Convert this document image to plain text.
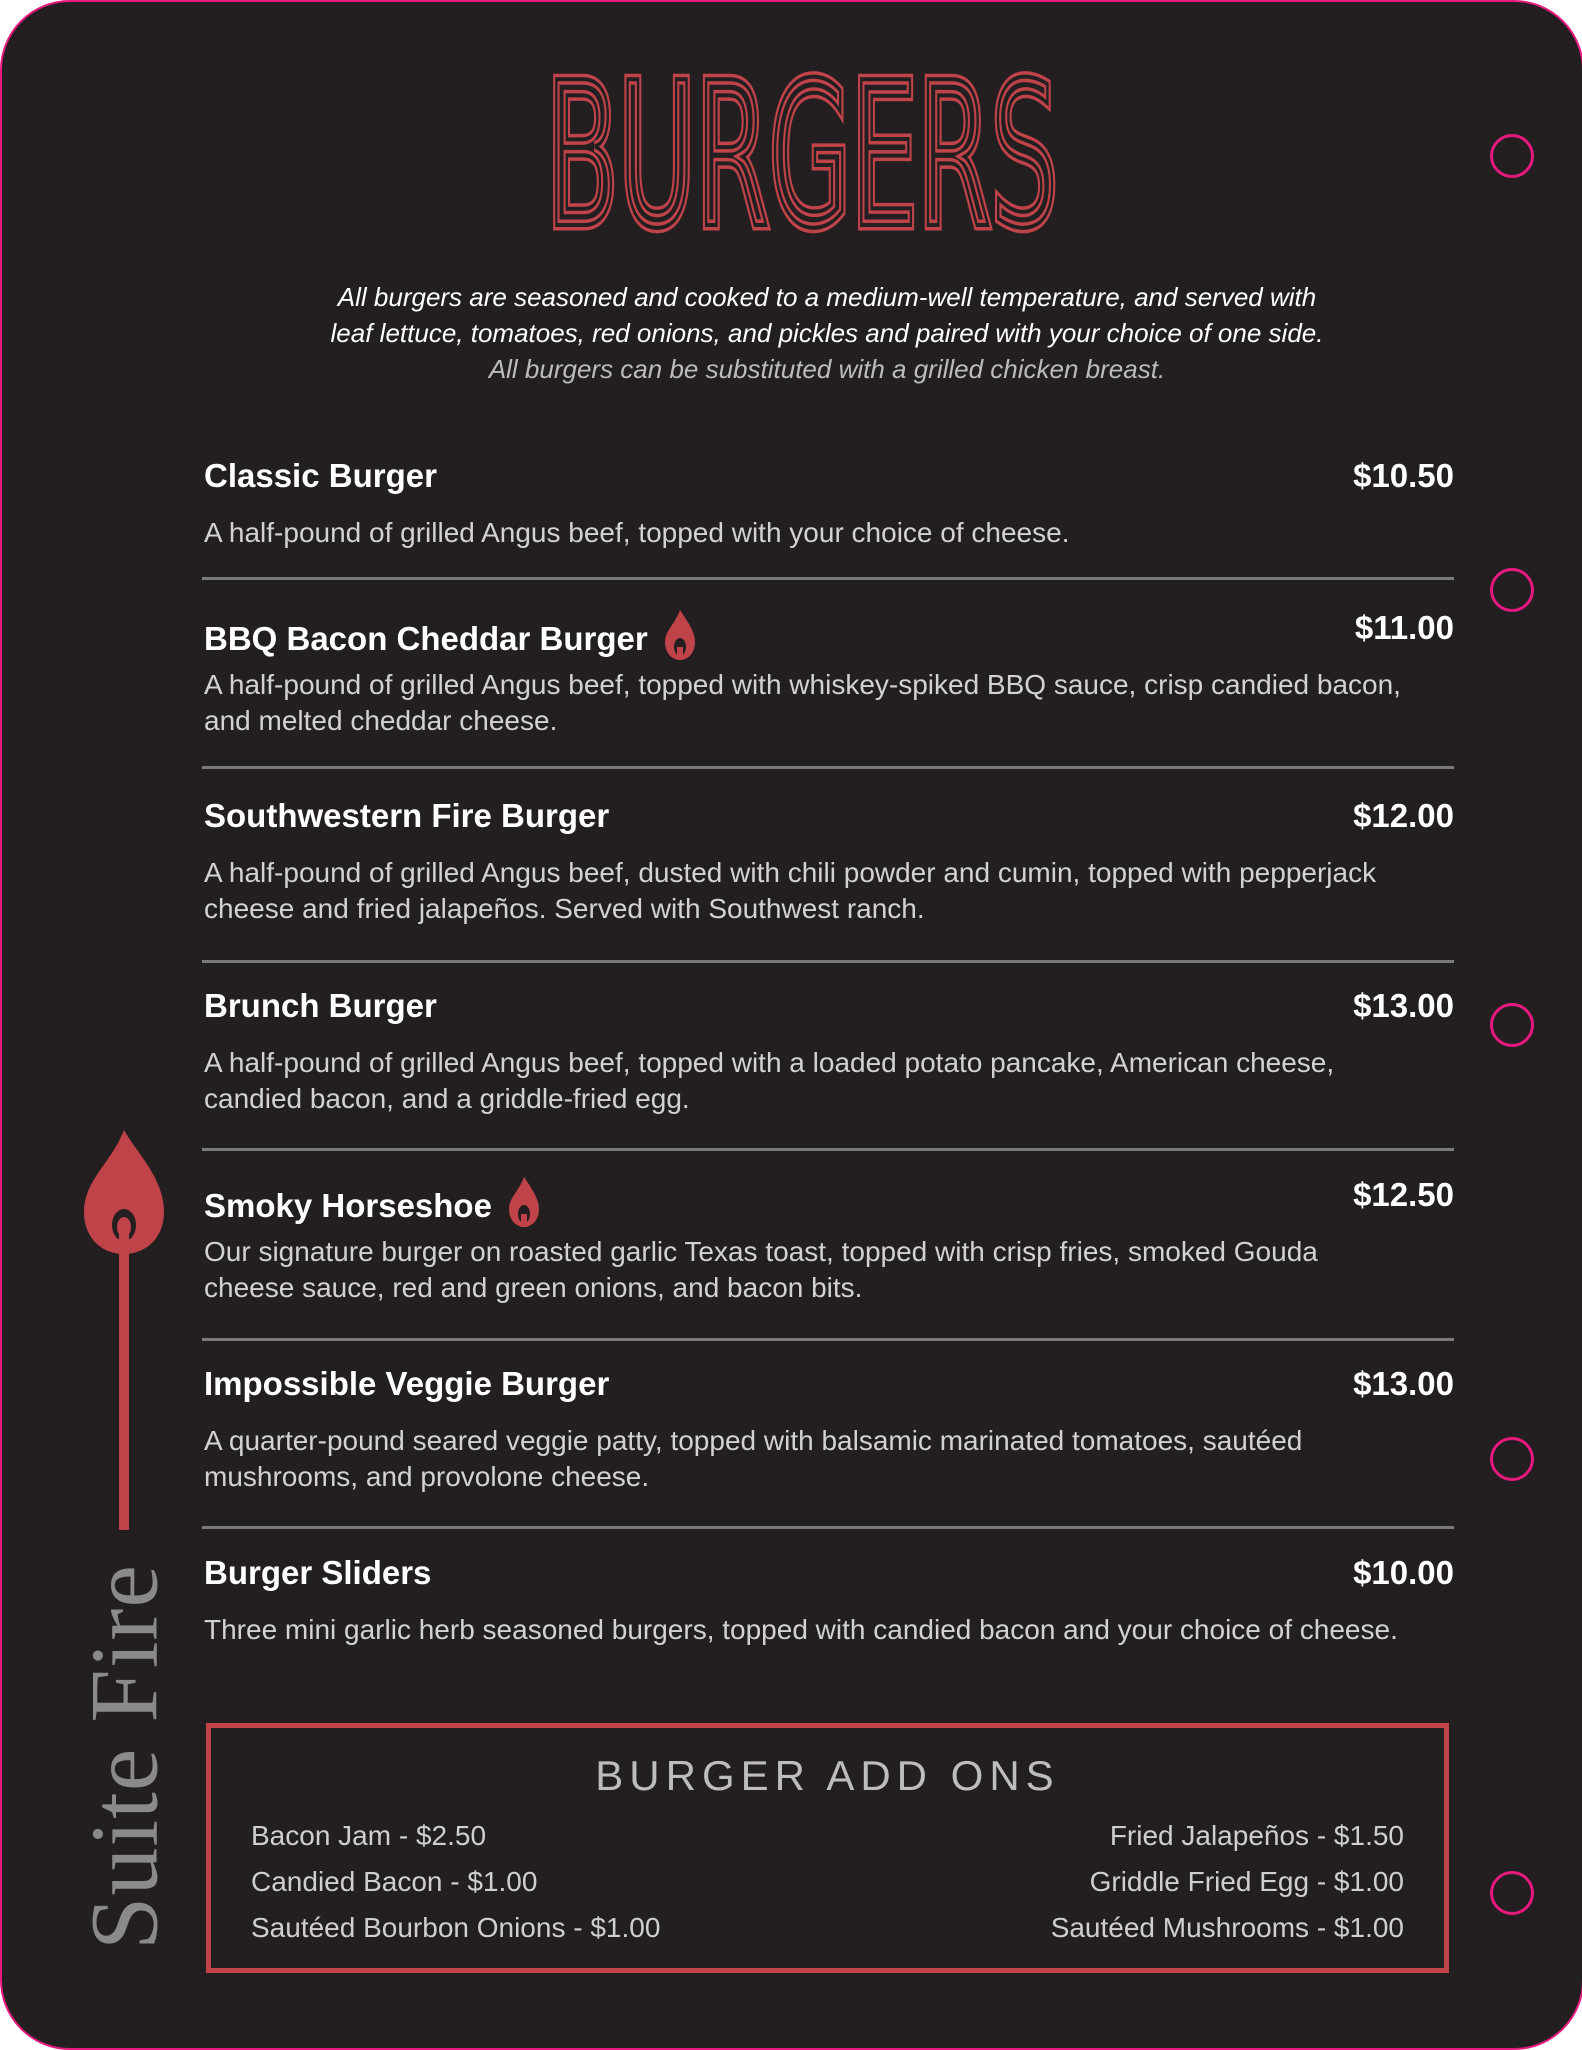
BURGERS
BURGERS
All burgers are seasoned and cooked to a medium-well temperature, and served with
leaf lettuce, tomatoes, red onions, and pickles and paired with your choice of one side.
All burgers can be substituted with a grilled chicken breast.
Classic Burger	$10.50
A half-pound of grilled Angus beef, topped with your choice of cheese.
BBQ Bacon Cheddar Burger	$11.00
A half-pound of grilled Angus beef, topped with whiskey-spiked BBQ sauce, crisp candied bacon, and melted cheddar cheese.
Southwestern Fire Burger	$12.00
A half-pound of grilled Angus beef, dusted with chili powder and cumin, topped with pepperjack cheese and fried jalapeños. Served with Southwest ranch.
Brunch Burger	$13.00
A half-pound of grilled Angus beef, topped with a loaded potato pancake, American cheese, candied bacon, and a griddle-fried egg.
Smoky Horseshoe	$12.50
Our signature burger on roasted garlic Texas toast, topped with crisp fries, smoked Gouda cheese sauce, red and green onions, and bacon bits.
Impossible Veggie Burger	$13.00
A quarter-pound seared veggie patty, topped with balsamic marinated tomatoes, sautéed mushrooms, and provolone cheese.
Burger Sliders	$10.00
Three mini garlic herb seasoned burgers, topped with candied bacon and your choice of cheese.
BURGER ADD ONS
Bacon Jam - $2.50
Candied Bacon - $1.00
Sautéed Bourbon Onions - $1.00
Fried Jalapeños - $1.50
Griddle Fried Egg - $1.00
Sautéed Mushrooms - $1.00
Suite Fire
